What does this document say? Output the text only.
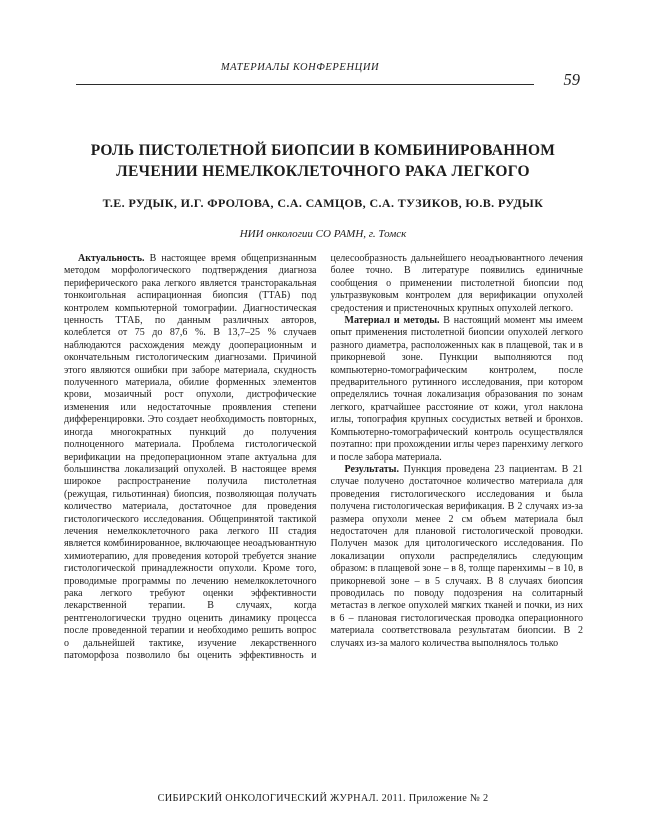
МАТЕРИАЛЫ КОНФЕРЕНЦИИ
59
РОЛЬ ПИСТОЛЕТНОЙ БИОПСИИ В КОМБИНИРОВАННОМ
ЛЕЧЕНИИ НЕМЕЛКОКЛЕТОЧНОГО РАКА ЛЕГКОГО
Т.Е. РУДЫК, И.Г. ФРОЛОВА, С.А. САМЦОВ, С.А. ТУЗИКОВ, Ю.В. РУДЫК
НИИ онкологии СО РАМН, г. Томск

Актуальность. В настоящее время общепризнанным методом морфологического подтверждения диагноза периферического рака легкого является трансторакальная тонкоигольная аспирационная биопсия (ТТАБ) под контролем компьютерной томографии. Диагностическая ценность ТТАБ, по данным различных авторов, колеблется от 75 до 87,6 %. В 13,7–25 % случаев наблюдаются расхождения между дооперационным и окончательным гистологическим диагнозами. Причиной этого являются ошибки при заборе материала, скудность полученного материала, обилие форменных элементов крови, мозаичный рост опухоли, дистрофические изменения или недостаточные проявления степени дифференцировки. Это создает необходимость повторных, иногда многократных пункций до получения полноценного материала. Проблема гистологической верификации на предоперационном этапе актуальна для большинства локализаций опухолей. В настоящее время широкое распространение получила пистолетная (режущая, гильотинная) биопсия, позволяющая получать количество материала, достаточное для проведения гистологического исследования. Общепринятой тактикой лечения немелкоклеточного рака легкого III стадия является комбинированное, включающее неоадъювантную химиотерапию, для проведения которой требуется знание гистологической принадлежности опухоли. Кроме того, проводимые программы по лечению немелкоклеточного рака легкого требуют оценки эффективности лекарственной терапии. В случаях, когда рентгенологически трудно оценить динамику процесса после проведенной терапии и необходимо решить вопрос о дальнейшей тактике, изучение лекарственного патоморфоза позволило бы оценить эффективность и целесообразность дальнейшего неоадъювантного лечения более точно. В литературе появились единичные сообщения о применении пистолетной биопсии под ультразвуковым контролем для верификации опухолей средостения и пристеночных крупных опухолей легкого.

Материал и методы. В настоящий момент мы имеем опыт применения пистолетной биопсии опухолей легкого разного диаметра, расположенных как в плащевой, так и в прикорневой зоне. Пункции выполняются под компьютерно-томографическим контролем, после предварительного рутинного исследования, при котором определялись точная локализация образования по зонам легкого, кратчайшее расстояние от кожи, угол наклона иглы, топография крупных сосудистых ветвей и бронхов. Компьютерно-томографический контроль осуществлялся поэтапно: при прохождении иглы через паренхиму легкого и после забора материала.

Результаты. Пункция проведена 23 пациентам. В 21 случае получено достаточное количество материала для проведения гистологического исследования и была получена гистологическая верификация. В 2 случаях из-за размера опухоли менее 2 см объем материала был недостаточен для плановой гистологической проводки. Получен мазок для цитологического исследования. По локализации опухоли распределялись следующим образом: в плащевой зоне – в 8, толще паренхимы – в 10, в прикорневой зоне – в 5 случаях. В 8 случаях биопсия проводилась по поводу подозрения на солитарный метастаз в легкое опухолей мягких тканей и почки, из них в 6 – плановая гистологическая проводка операционного материала соответствовала результатам биопсии. В 2 случаях из-за малого количества выполнялось только

СИБИРСКИЙ ОНКОЛОГИЧЕСКИЙ ЖУРНАЛ. 2011. Приложение № 2
